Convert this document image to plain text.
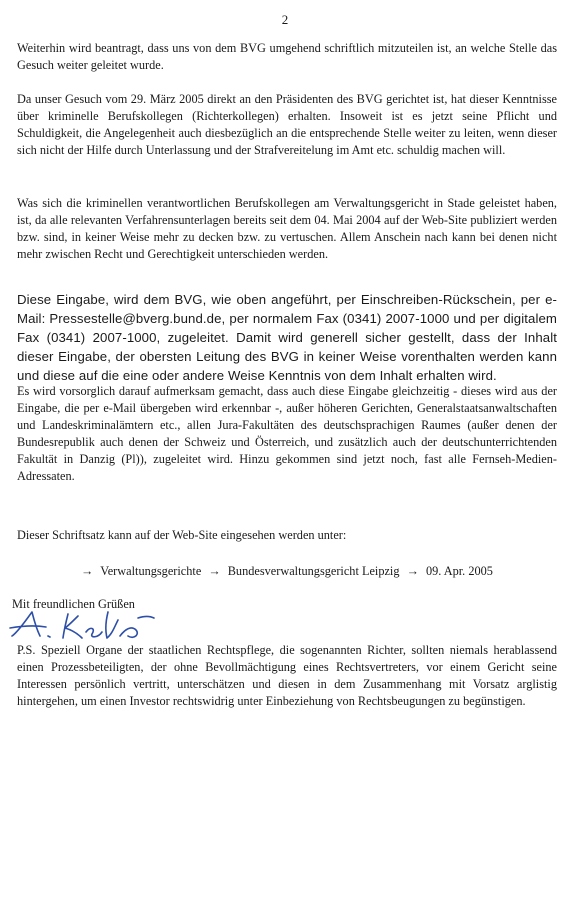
2

Weiterhin wird beantragt, dass uns von dem BVG umgehend schriftlich mitzuteilen ist, an welche Stelle das Gesuch weiter geleitet wurde.

Da unser Gesuch vom 29. März 2005 direkt an den Präsidenten des BVG gerichtet ist, hat dieser Kenntnisse über kriminelle Berufskollegen (Richterkollegen) erhalten. Insoweit ist es jetzt seine Pflicht und Schuldigkeit, die Angelegenheit auch diesbezüglich an die entsprechende Stelle weiter zu leiten, wenn dieser sich nicht der Hilfe durch Unterlassung und der Strafvereitelung im Amt etc. schuldig machen will.

Was sich die kriminellen verantwortlichen Berufskollegen am Verwaltungsgericht in Stade geleistet haben, ist, da alle relevanten Verfahrensunterlagen bereits seit dem 04. Mai 2004 auf der Web-Site publiziert werden bzw. sind, in keiner Weise mehr zu decken bzw. zu vertuschen. Allem Anschein nach kann bei denen nicht mehr zwischen Recht und Gerechtigkeit unterschieden werden.

Diese Eingabe, wird dem BVG, wie oben angeführt, per Einschreiben-Rückschein, per e-Mail: Pressestelle@bverg.bund.de, per normalem Fax (0341) 2007-1000 und per digitalem Fax (0341) 2007-1000, zugeleitet. Damit wird generell sicher gestellt, dass der Inhalt dieser Eingabe, der obersten Leitung des BVG in keiner Weise vorenthalten werden kann und diese auf die eine oder andere Weise Kenntnis von dem Inhalt erhalten wird.

Es wird vorsorglich darauf aufmerksam gemacht, dass auch diese Eingabe gleichzeitig - dieses wird aus der Eingabe, die per e-Mail übergeben wird erkennbar -, außer höheren Gerichten, Generalstaatsanwaltschaften und Landeskriminalämtern etc., allen Jura-Fakultäten des deutschsprachigen Raumes (außer denen der Bundesrepublik auch denen der Schweiz und Österreich, und zusätzlich auch der deutschunterrichtenden Fakultät in Danzig (Pl)), zugeleitet wird. Hinzu gekommen sind jetzt noch, fast alle Fernseh-Medien-Adressaten.

Dieser Schriftsatz kann auf der Web-Site eingesehen werden unter:

→ Verwaltungsgerichte → Bundesverwaltungsgericht Leipzig → 09. Apr. 2005
Mit freundlichen Grüßen

P.S. Speziell Organe der staatlichen Rechtspflege, die sogenannten Richter, sollten niemals herablassend einen Prozessbeteiligten, der ohne Bevollmächtigung eines Rechtsvertreters, vor einem Gericht seine Interessen persönlich vertritt, unterschätzen und diesen in dem Zusammenhang mit Vorsatz arglistig hintergehen, um einen Investor rechtswidrig unter Einbeziehung von Rechtsbeugungen zu begünstigen.
